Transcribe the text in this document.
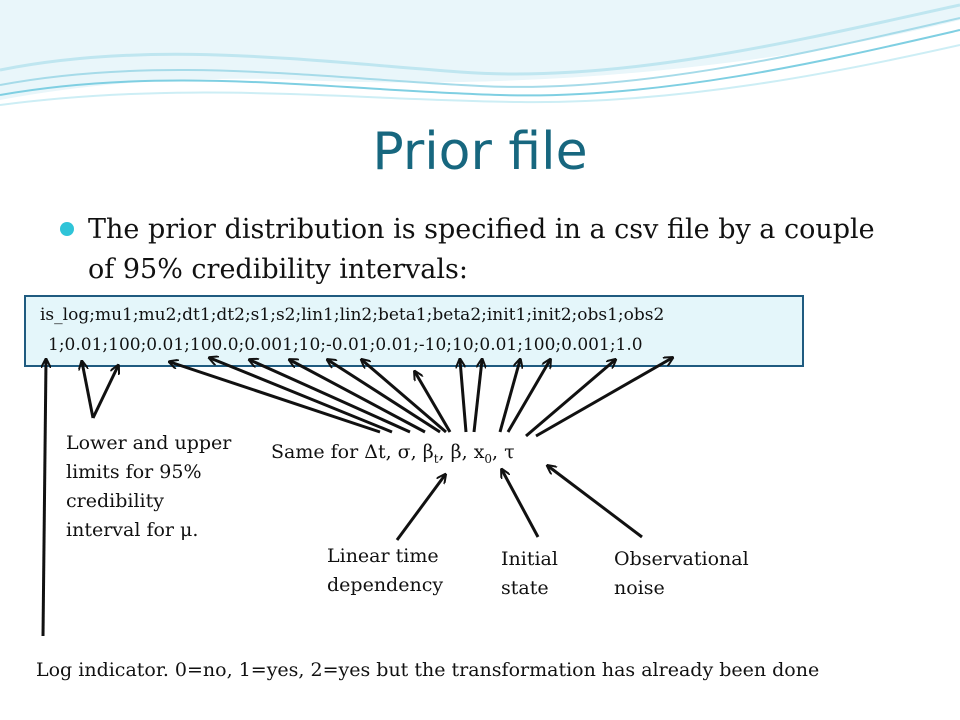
Prior file
The prior distribution is specified in a csv file by a couple of 95% credibility intervals:
is_log;mu1;mu2;dt1;dt2;s1;s2;lin1;lin2;beta1;beta2;init1;init2;obs1;obs2
1;0.01;100;0.01;100.0;0.001;10;-0.01;0.01;-10;10;0.01;100;0.001;1.0
Lower and upper
limits for 95%
credibility
interval for μ.
Same for Δt, σ, $\beta_t$, β, $x_0$, τ
Linear time
dependency
Initial
state
Observational
noise
Log indicator. 0=no, 1=yes, 2=yes but the transformation has already been done
